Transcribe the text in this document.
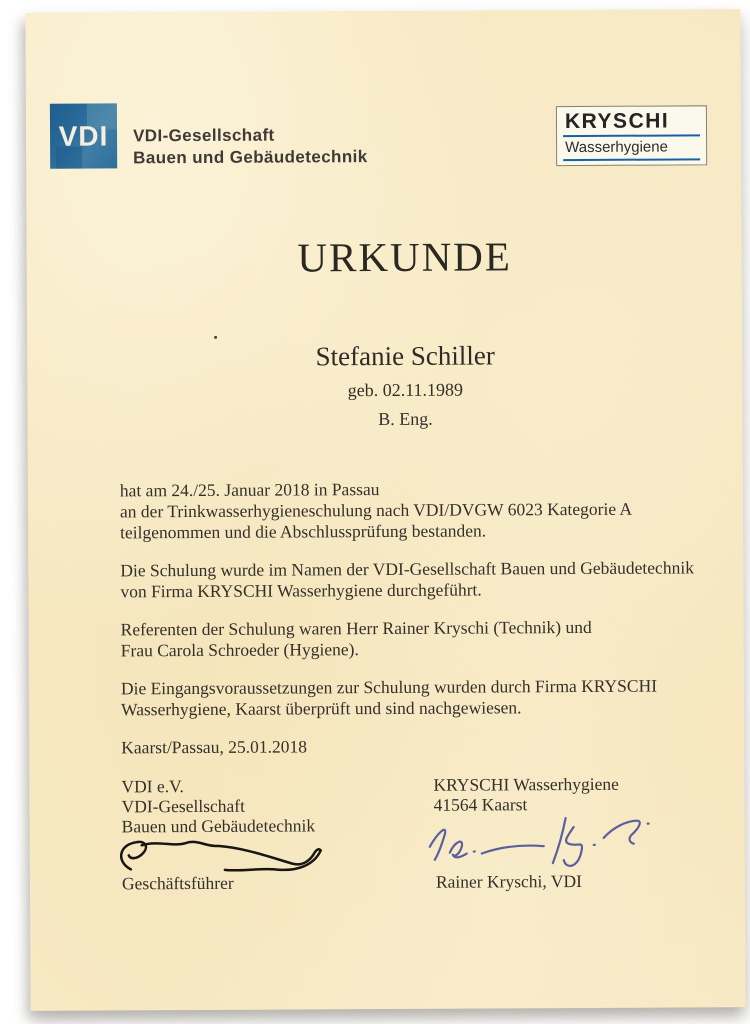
VDI VDI-Gesellschaft
Bauen und Gebäudetechnik
KRYSCHI
Wasserhygiene
URKUNDE
Stefanie Schiller
geb. 02.11.1989
B. Eng.
hat am 24./25. Januar 2018 in Passau
an der Trinkwasserhygieneschulung nach VDI/DVGW 6023 Kategorie A
teilgenommen und die Abschlussprüfung bestanden.
Die Schulung wurde im Namen der VDI-Gesellschaft Bauen und Gebäudetechnik
von Firma KRYSCHI Wasserhygiene durchgeführt.
Referenten der Schulung waren Herr Rainer Kryschi (Technik) und
Frau Carola Schroeder (Hygiene).
Die Eingangsvoraussetzungen zur Schulung wurden durch Firma KRYSCHI
Wasserhygiene, Kaarst überprüft und sind nachgewiesen.
Kaarst/Passau, 25.01.2018
VDI e.V.
VDI-Gesellschaft
Bauen und Gebäudetechnik
KRYSCHI Wasserhygiene
41564 Kaarst
Geschäftsführer	Rainer Kryschi, VDI
